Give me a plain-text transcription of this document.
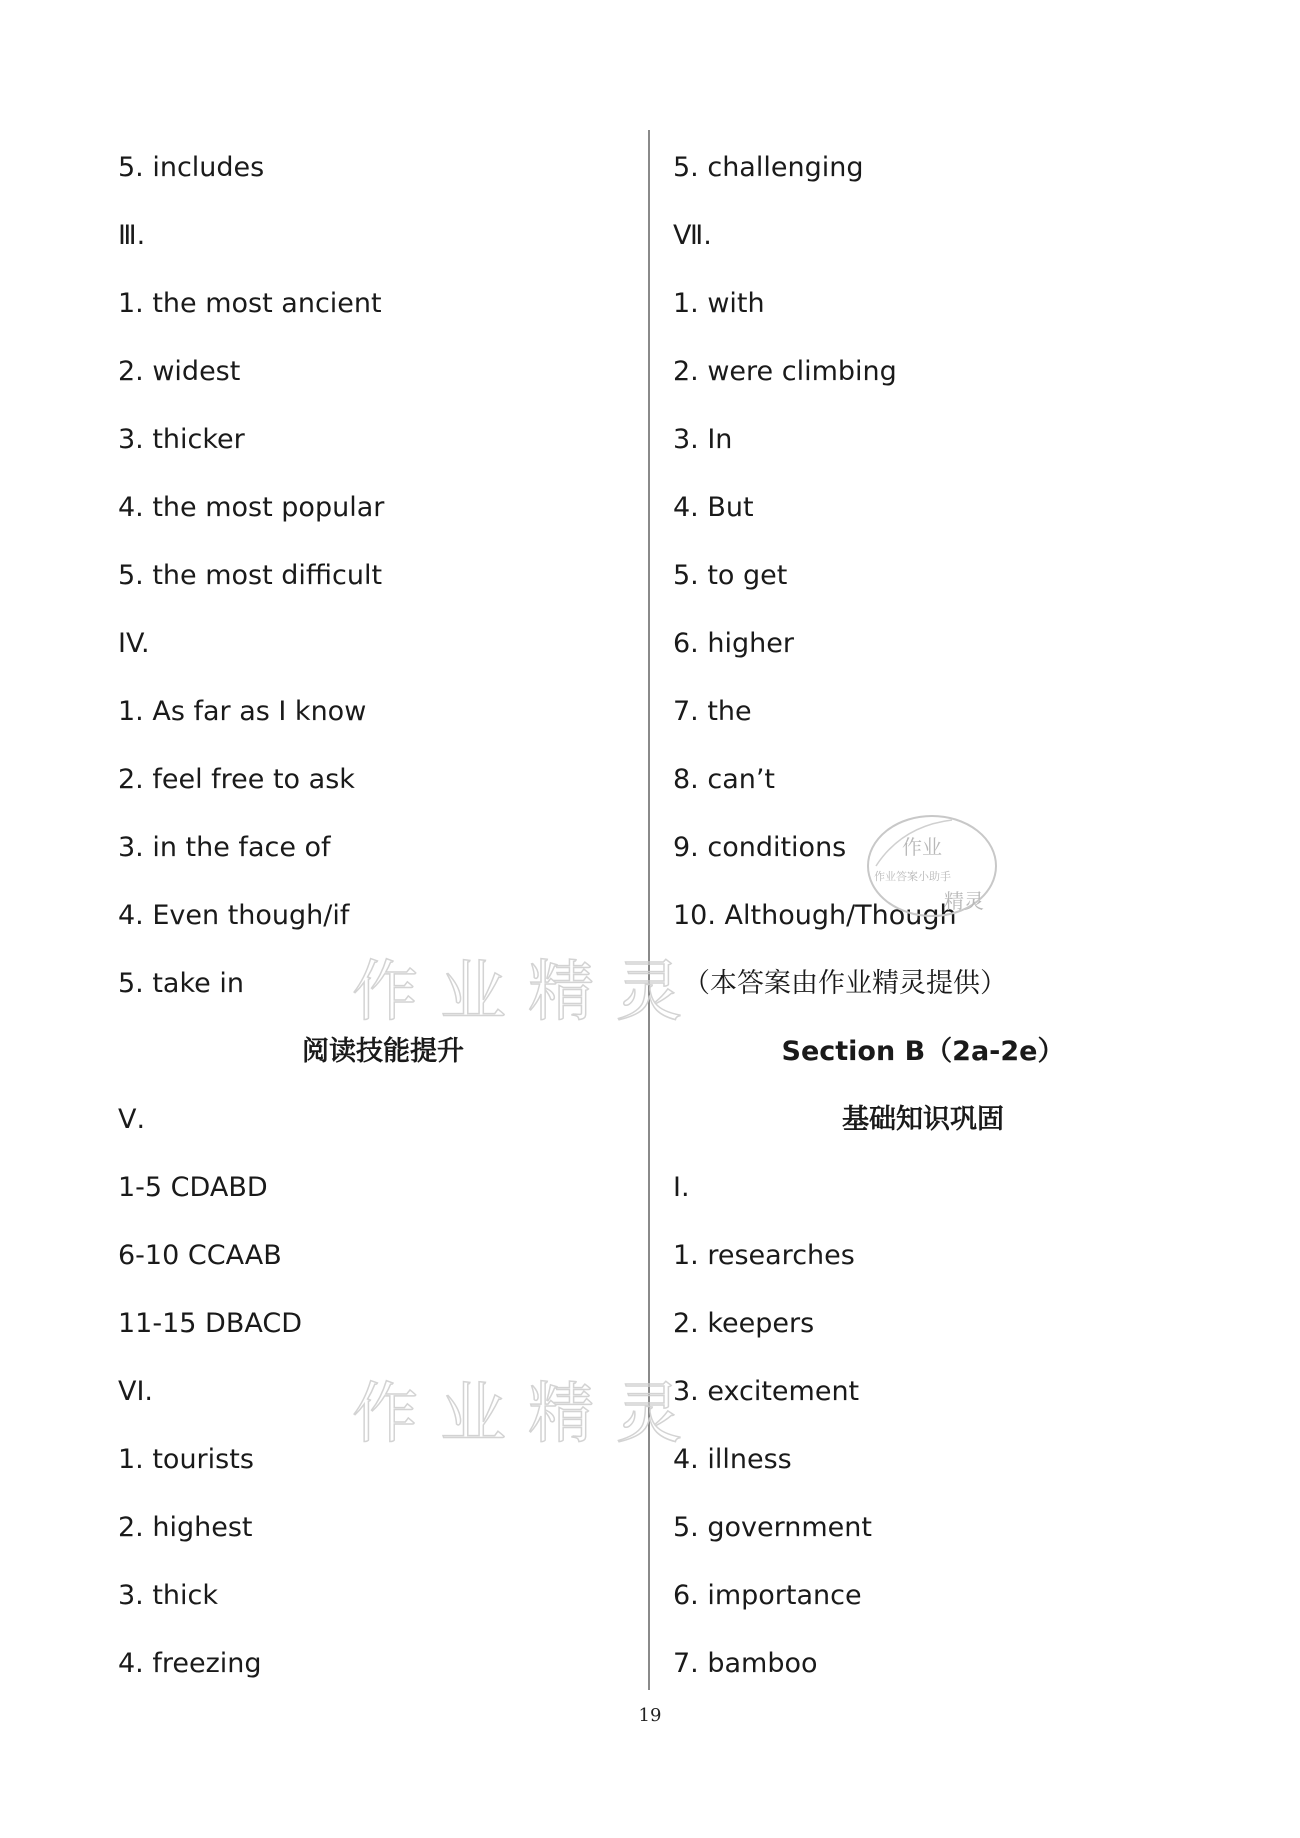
5. includes
Ⅲ.
1. the most ancient
2. widest
3. thicker
4. the most popular
5. the most difficult
IV.
1. As far as I know
2. feel free to ask
3. in the face of
4. Even though/if
5. take in
阅读技能提升
Ⅴ.
1-5 CDABD
6-10 CCAAB
11-15 DBACD
VI.
1. tourists
2. highest
3. thick
4. freezing
5. challenging
Ⅶ.
1. with
2. were climbing
3. In
4. But
5. to get
6. higher
7. the
8. can’t
9. conditions
10. Although/Though
（本答案由作业精灵提供）
Section B（2a-2e）
基础知识巩固
Ⅰ.
1. researches
2. keepers
3. excitement
4. illness
5. government
6. importance
7. bamboo
作业精灵
作业精灵
作业
作业答案小助手
精灵
19
